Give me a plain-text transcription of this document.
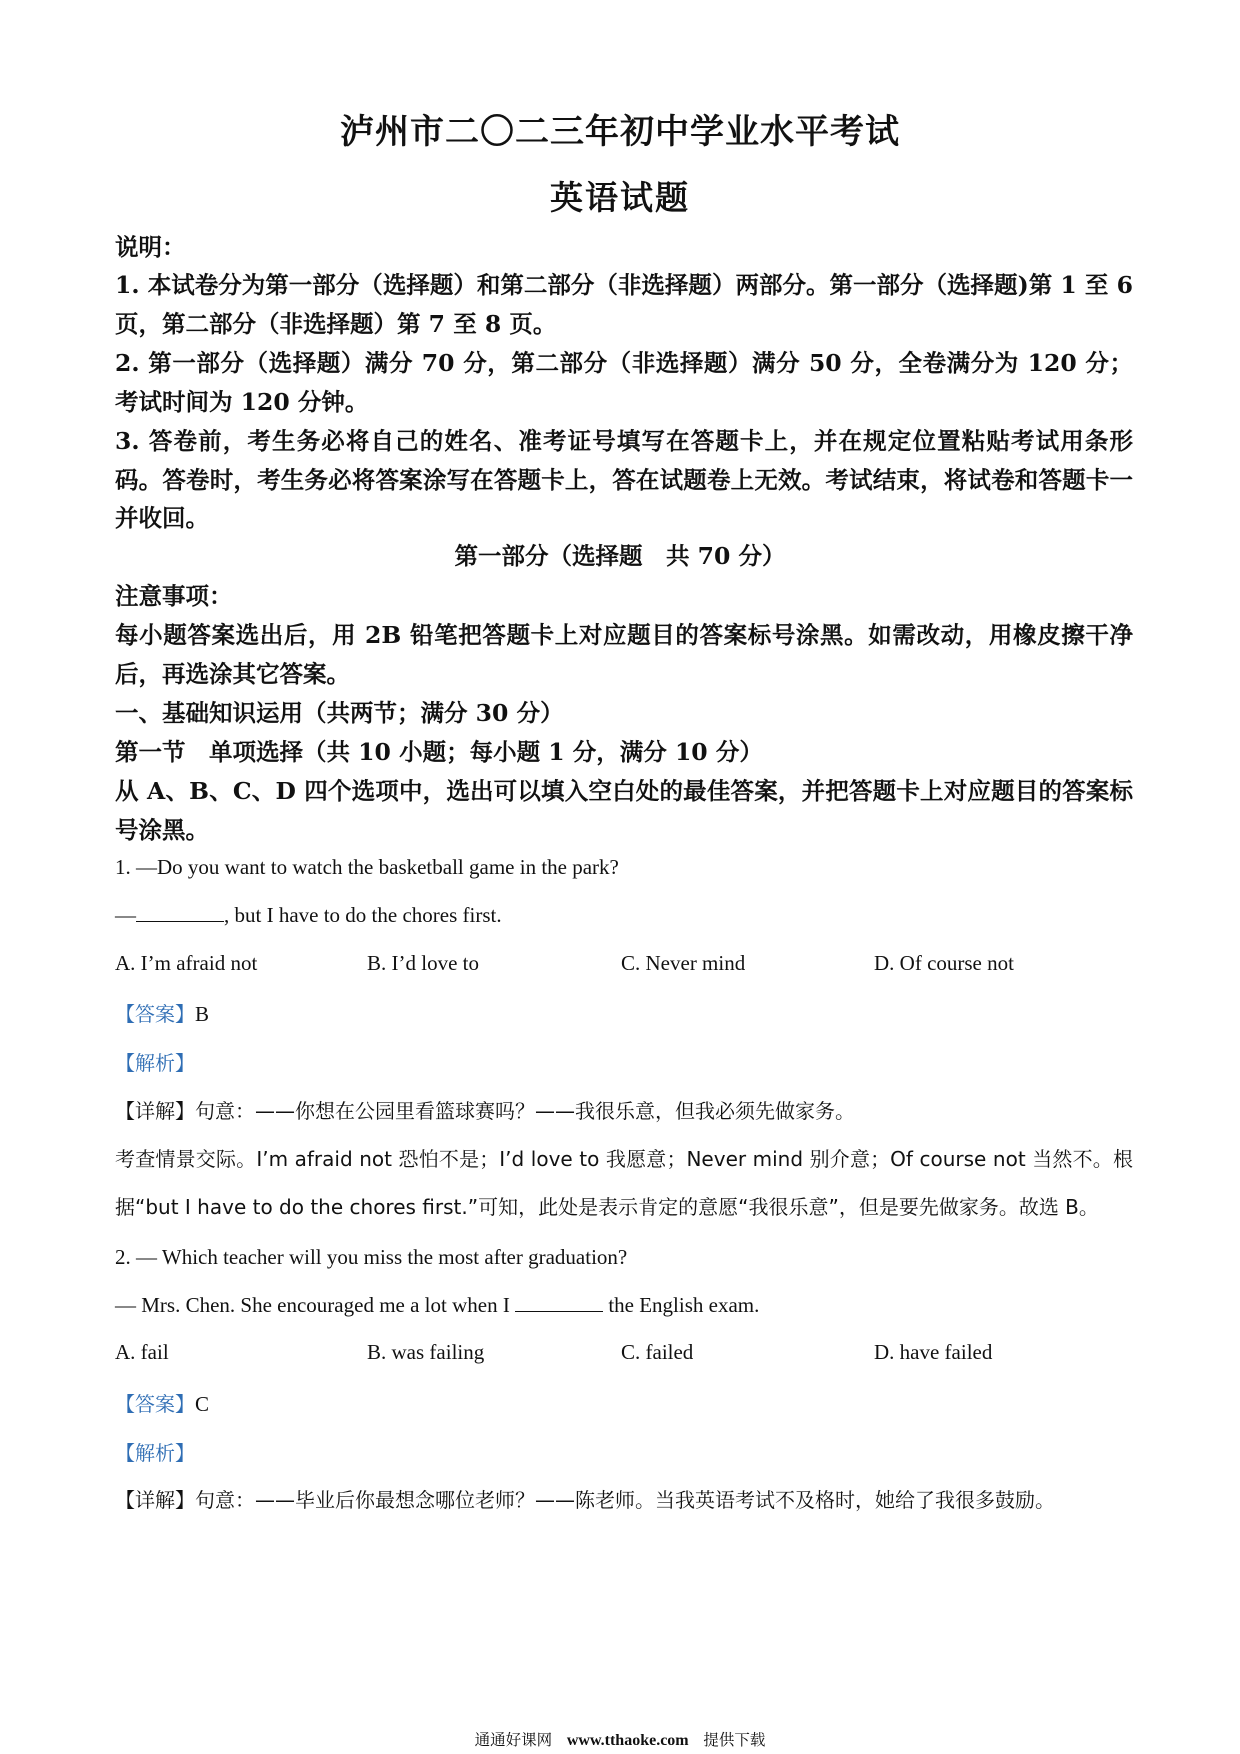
泸州市二〇二三年初中学业水平考试
英语试题
说明：
1. 本试卷分为第一部分（选择题）和第二部分（非选择题）两部分。第一部分（选择题)第 1 至 6 页，第二部分（非选择题）第 7 至 8 页。
2. 第一部分（选择题）满分 70 分，第二部分（非选择题）满分 50 分，全卷满分为 120 分；考试时间为 120 分钟。
3. 答卷前，考生务必将自己的姓名、准考证号填写在答题卡上，并在规定位置粘贴考试用条形码。答卷时，考生务必将答案涂写在答题卡上，答在试题卷上无效。考试结束，将试卷和答题卡一并收回。
第一部分（选择题　共 70 分）
注意事项：
每小题答案选出后，用 2B 铅笔把答题卡上对应题目的答案标号涂黑。如需改动，用橡皮擦干净后，再选涂其它答案。
一、基础知识运用（共两节；满分 30 分）
第一节　单项选择（共 10 小题；每小题 1 分，满分 10 分）
从 A、B、C、D 四个选项中，选出可以填入空白处的最佳答案，并把答题卡上对应题目的答案标号涂黑。
1. —Do you want to watch the basketball game in the park?
—	, but I have to do the chores first.
A. I’m afraid not	B. I’d love to	C. Never mind	D. Of course not
【答案】B
【解析】
【详解】句意：——你想在公园里看篮球赛吗？——我很乐意，但我必须先做家务。
考查情景交际。I’m afraid not 恐怕不是；I’d love to 我愿意；Never mind 别介意；Of course not 当然不。根据“but I have to do the chores first.”可知，此处是表示肯定的意愿“我很乐意”，但是要先做家务。故选 B。
2. — Which teacher will you miss the most after graduation?
— Mrs. Chen. She encouraged me a lot when I	the English exam.
A. fail	B. was failing	C. failed	D. have failed
【答案】C
【解析】
【详解】句意：——毕业后你最想念哪位老师？——陈老师。当我英语考试不及格时，她给了我很多鼓励。
通通好课网 www.tthaoke.com 提供下载
